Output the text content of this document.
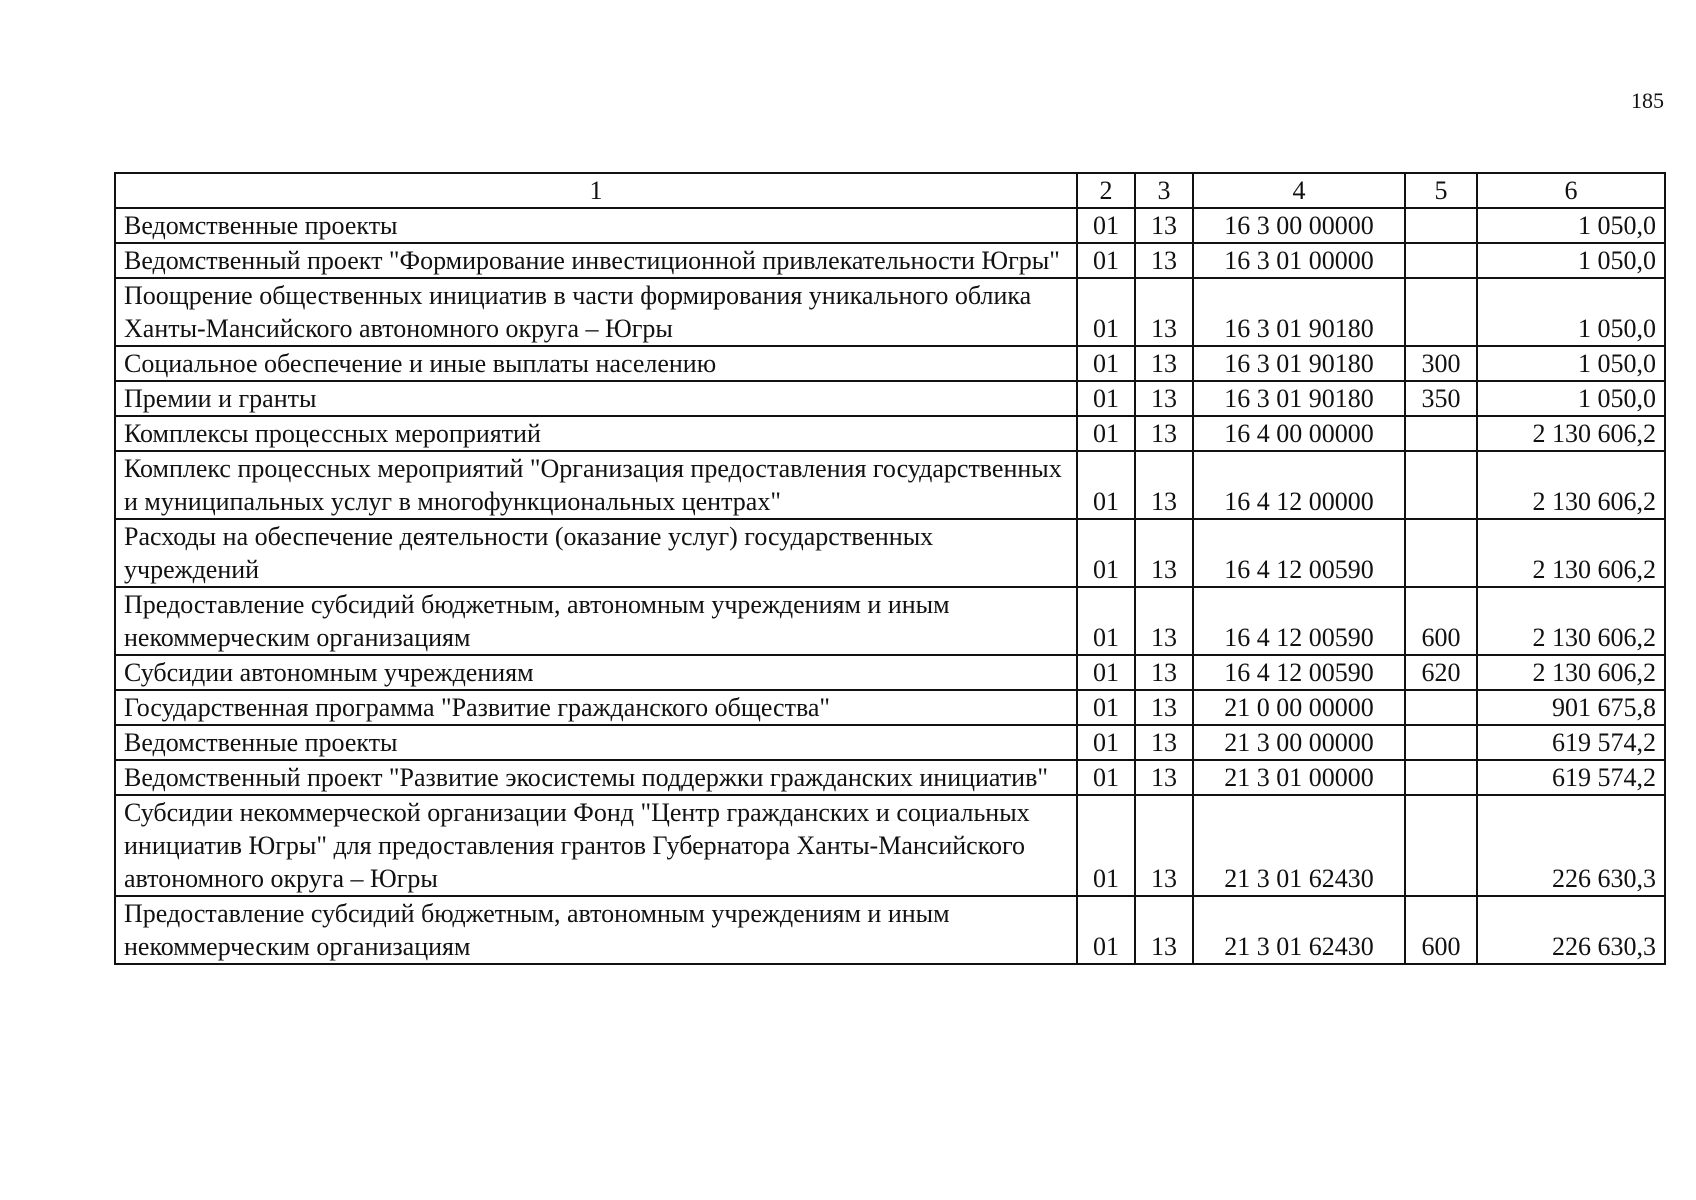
185
1	2	3	4	5	6
Ведомственные проекты	01	13	16 3 00 00000		1 050,0
Ведомственный проект "Формирование инвестиционной привлекательности Югры"	01	13	16 3 01 00000		1 050,0
Поощрение общественных инициатив в части формирования уникального облика Ханты-Мансийского автономного округа – Югры	01	13	16 3 01 90180		1 050,0
Социальное обеспечение и иные выплаты населению	01	13	16 3 01 90180	300	1 050,0
Премии и гранты	01	13	16 3 01 90180	350	1 050,0
Комплексы процессных мероприятий	01	13	16 4 00 00000		2 130 606,2
Комплекс процессных мероприятий "Организация предоставления государственных и муниципальных услуг в многофункциональных центрах"	01	13	16 4 12 00000		2 130 606,2
Расходы на обеспечение деятельности (оказание услуг) государственных учреждений	01	13	16 4 12 00590		2 130 606,2
Предоставление субсидий бюджетным, автономным учреждениям и иным некоммерческим организациям	01	13	16 4 12 00590	600	2 130 606,2
Субсидии автономным учреждениям	01	13	16 4 12 00590	620	2 130 606,2
Государственная программа "Развитие гражданского общества"	01	13	21 0 00 00000		901 675,8
Ведомственные проекты	01	13	21 3 00 00000		619 574,2
Ведомственный проект "Развитие экосистемы поддержки гражданских инициатив"	01	13	21 3 01 00000		619 574,2
Субсидии некоммерческой организации Фонд "Центр гражданских и социальных инициатив Югры" для предоставления грантов Губернатора Ханты-Мансийского автономного округа – Югры	01	13	21 3 01 62430		226 630,3
Предоставление субсидий бюджетным, автономным учреждениям и иным некоммерческим организациям	01	13	21 3 01 62430	600	226 630,3
